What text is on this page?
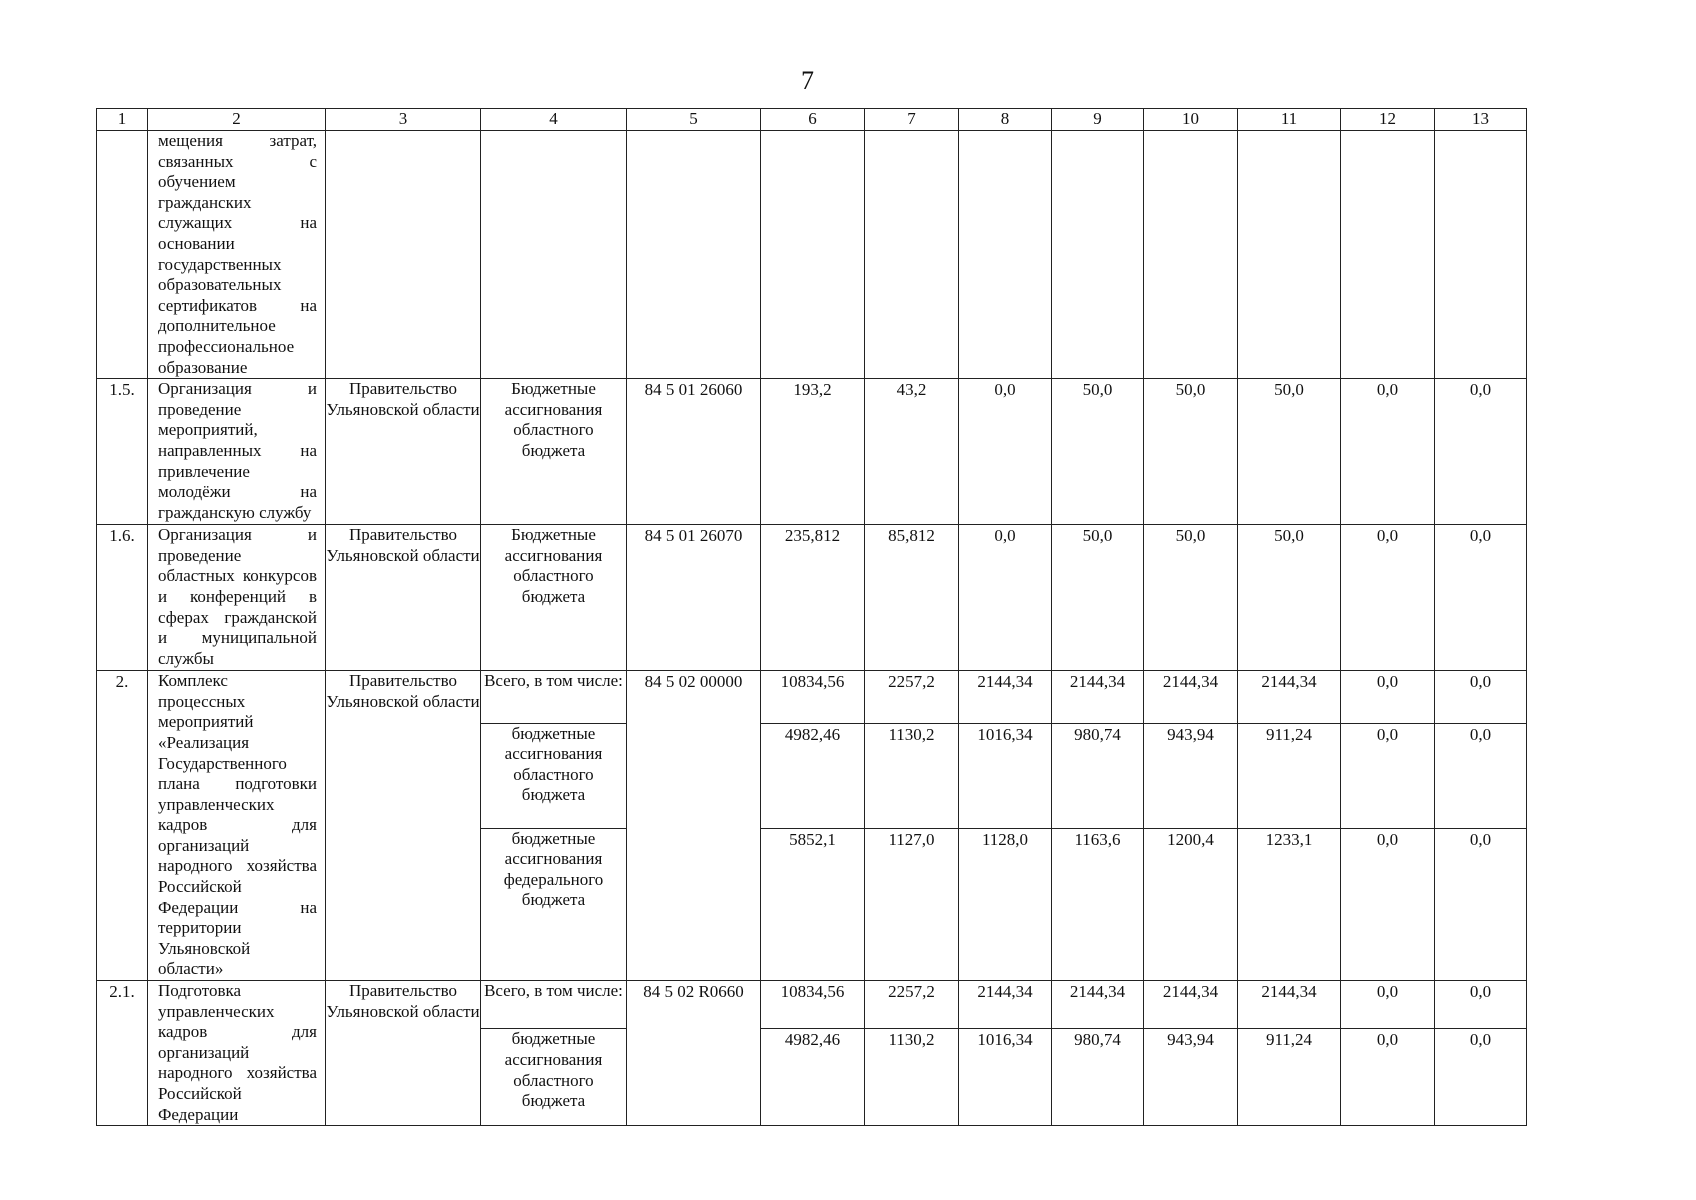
7
1	2	3	4	5	6	7	8	9	10	11	12	13
	мещения затрат, связанных с обучением гражданских служащих на основании государственных образовательных сертификатов на дополнительное профессиональное образование											
1.5.	Организация и проведение мероприятий, направленных на привлечение молодёжи на гражданскую службу	Правительство Ульяновской области	Бюджетные ассигнования областного бюджета	84 5 01 26060	193,2	43,2	0,0	50,0	50,0	50,0	0,0	0,0
1.6.	Организация и проведение областных конкурсов и конференций в сферах гражданской и муниципальной службы	Правительство Ульяновской области	Бюджетные ассигнования областного бюджета	84 5 01 26070	235,812	85,812	0,0	50,0	50,0	50,0	0,0	0,0
2.	Комплекс процессных мероприятий «Реализация Государственного плана подготовки управленческих кадров для организаций народного хозяйства Российской Федерации на территории Ульяновской области»	Правительство Ульяновской области	Всего, в том числе:	84 5 02 00000	10834,56	2257,2	2144,34	2144,34	2144,34	2144,34	0,0	0,0
			бюджетные ассигнования областного бюджета		4982,46	1130,2	1016,34	980,74	943,94	911,24	0,0	0,0
			бюджетные ассигнования федерального бюджета		5852,1	1127,0	1128,0	1163,6	1200,4	1233,1	0,0	0,0
2.1.	Подготовка управленческих кадров для организаций народного хозяйства Российской Федерации	Правительство Ульяновской области	Всего, в том числе:	84 5 02 R0660	10834,56	2257,2	2144,34	2144,34	2144,34	2144,34	0,0	0,0
			бюджетные ассигнования областного бюджета		4982,46	1130,2	1016,34	980,74	943,94	911,24	0,0	0,0
